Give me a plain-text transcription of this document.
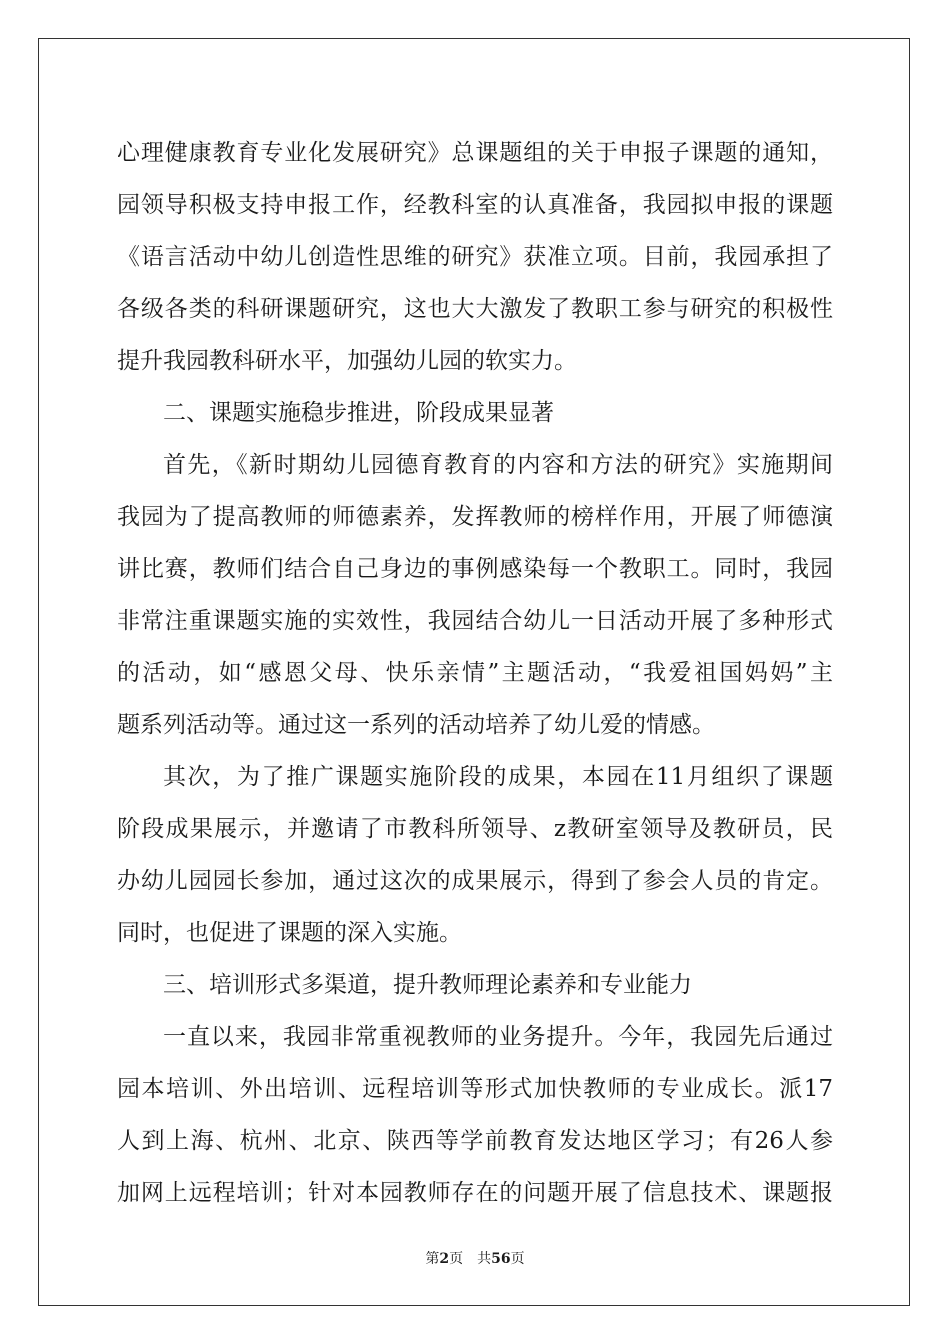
心理健康教育专业化发展研究》总课题组的关于申报子课题的通知，
园领导积极支持申报工作，经教科室的认真准备，我园拟申报的课题
《语言活动中幼儿创造性思维的研究》获准立项。目前，我园承担了
各级各类的科研课题研究，这也大大激发了教职工参与研究的积极性
提升我园教科研水平，加强幼儿园的软实力。
二、课题实施稳步推进，阶段成果显著
首先，《新时期幼儿园德育教育的内容和方法的研究》实施期间
我园为了提高教师的师德素养，发挥教师的榜样作用，开展了师德演
讲比赛，教师们结合自己身边的事例感染每一个教职工。同时，我园
非常注重课题实施的实效性，我园结合幼儿一日活动开展了多种形式
的活动，如“感恩父母、快乐亲情”主题活动，“我爱祖国妈妈”主
题系列活动等。通过这一系列的活动培养了幼儿爱的情感。
其次，为了推广课题实施阶段的成果，本园在11月组织了课题
阶段成果展示，并邀请了市教科所领导、z教研室领导及教研员，民
办幼儿园园长参加，通过这次的成果展示，得到了参会人员的肯定。
同时，也促进了课题的深入实施。
三、培训形式多渠道，提升教师理论素养和专业能力
一直以来，我园非常重视教师的业务提升。今年，我园先后通过
园本培训、外出培训、远程培训等形式加快教师的专业成长。派17
人到上海、杭州、北京、陕西等学前教育发达地区学习；有26人参
加网上远程培训；针对本园教师存在的问题开展了信息技术、课题报
第2页 共56页
